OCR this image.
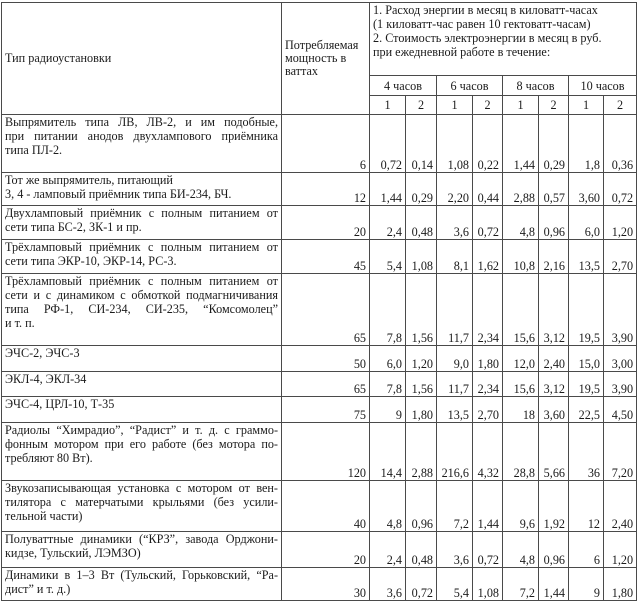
Тип радиоустановки	Потребляемая
мощность в
ваттах	1. Расход энергии в месяц в киловатт-часах
(1 киловатт-час равен 10 гектоватт-часам)
2. Стоимость электроэнергии в месяц в руб.
при ежедневной работе в течение:							

		4 часов		6 часов		8 часов		10 часов	
		1	2	1	2	1	2	1	2

Выпрямитель типа ЛВ, ЛВ-2, и им подобные,
при питании анодов двухлампового приёмника
типа ПЛ-2.	6	0,72	0,14	1,08	0,22	1,44	0,29	1,8	0,36

Тот же выпрямитель, питающий
3, 4 - ламповый приёмник типа БИ-234, БЧ.	12	1,44	0,29	2,20	0,44	2,88	0,57	3,60	0,72

Двухламповый приёмник с полным питанием от
сети типа БС-2, ЗК-1 и пр.	20	2,4	0,48	3,6	0,72	4,8	0,96	6,0	1,20

Трёхламповый приёмник с полным питанием от
сети типа ЭКР-10, ЭКР-14, РС-3.	45	5,4	1,08	8,1	1,62	10,8	2,16	13,5	2,70

Трёхламповый приёмник с полным питанием от
сети и с динамиком с обмоткой подмагничивания
типа РФ-1, СИ-234, СИ-235, “Комсомолец”
и т. п.	65	7,8	1,56	11,7	2,34	15,6	3,12	19,5	3,90

ЭЧС-2, ЭЧС-3	50	6,0	1,20	9,0	1,80	12,0	2,40	15,0	3,00

ЭКЛ-4, ЭКЛ-34	65	7,8	1,56	11,7	2,34	15,6	3,12	19,5	3,90

ЭЧС-4, ЦРЛ-10, Т-35	75	9	1,80	13,5	2,70	18	3,60	22,5	4,50

Радиолы “Химрадио”, “Радист” и т. д. с граммо-
фонным мотором при его работе (без мотора по-
требляют 80 Вт).	120	14,4	2,88	216,6	4,32	28,8	5,66	36	7,20

Звукозаписывающая установка с мотором от вен-
тилятора с матерчатыми крыльями (без усили-
тельной части)	40	4,8	0,96	7,2	1,44	9,6	1,92	12	2,40

Полуваттные динамики (“КРЗ”, завода Орджони-
кидзе, Тульский, ЛЭМЗО)	20	2,4	0,48	3,6	0,72	4,8	0,96	6	1,20

Динамики в 1–3 Вт (Тульский, Горьковский, “Ра-
дист” и т. д.)	30	3,6	0,72	5,4	1,08	7,2	1,44	9	1,80
